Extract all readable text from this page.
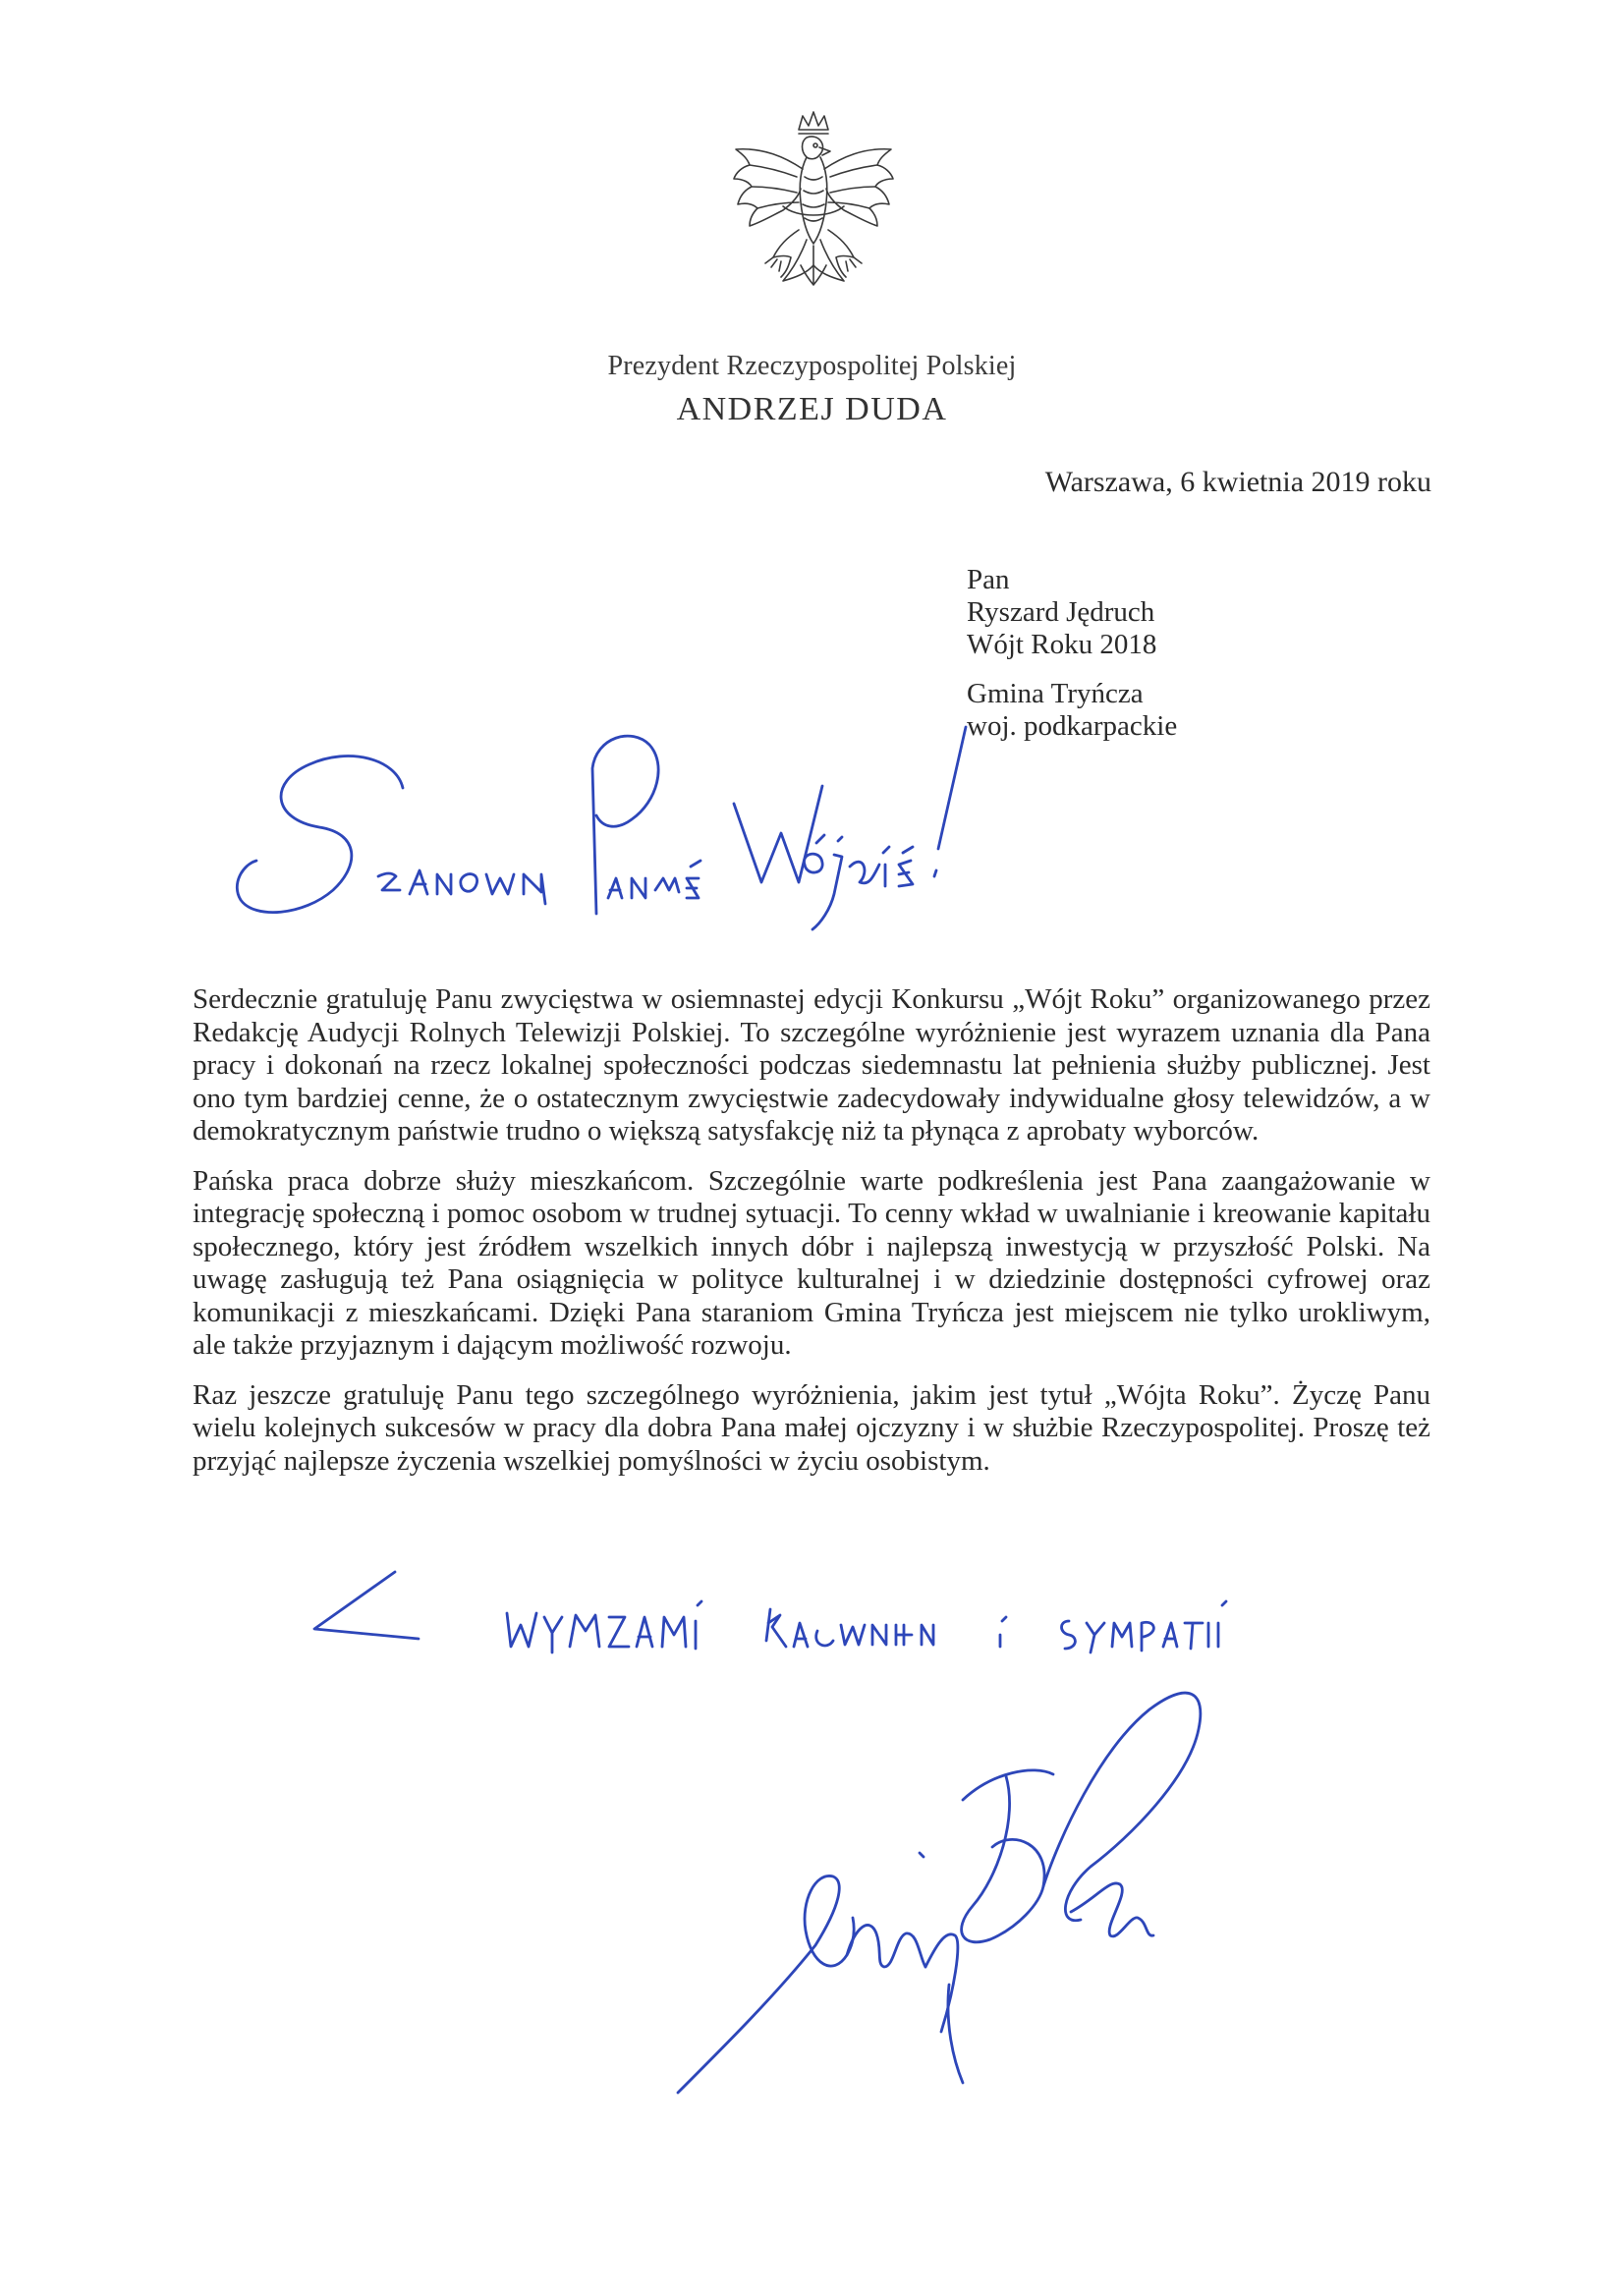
Prezydent Rzeczypospolitej Polskiej
ANDRZEJ DUDA
Warszawa, 6 kwietnia 2019 roku
Pan
Ryszard Jędruch
Wójt Roku 2018
Gmina Tryńcza
woj. podkarpackie

Serdecznie gratuluję Panu zwycięstwa w osiemnastej edycji Konkursu „Wójt Roku” organizowanego przez Redakcję Audycji Rolnych Telewizji Polskiej. To szczególne wyróżnienie jest wyrazem uznania dla Pana pracy i dokonań na rzecz lokalnej społeczności podczas siedemnastu lat pełnienia służby publicznej. Jest ono tym bardziej cenne, że o ostatecznym zwycięstwie zadecydowały indywidualne głosy telewidzów, a w demokratycznym państwie trudno o większą satysfakcję niż ta płynąca z aprobaty wyborców.

Pańska praca dobrze służy mieszkańcom. Szczególnie warte podkreślenia jest Pana zaangażowanie w integrację społeczną i pomoc osobom w trudnej sytuacji. To cenny wkład w uwalnianie i kreowanie kapitału społecznego, który jest źródłem wszelkich innych dóbr i najlepszą inwestycją w przyszłość Polski. Na uwagę zasługują też Pana osiągnięcia w polityce kulturalnej i w dziedzinie dostępności cyfrowej oraz komunikacji z mieszkańcami. Dzięki Pana staraniom Gmina Tryńcza jest miejscem nie tylko urokliwym, ale także przyjaznym i dającym możliwość rozwoju.

Raz jeszcze gratuluję Panu tego szczególnego wyróżnienia, jakim jest tytuł „Wójta Roku”. Życzę Panu wielu kolejnych sukcesów w pracy dla dobra Pana małej ojczyzny i w służbie Rzeczypospolitej. Proszę też przyjąć najlepsze życzenia wszelkiej pomyślności w życiu osobistym.
